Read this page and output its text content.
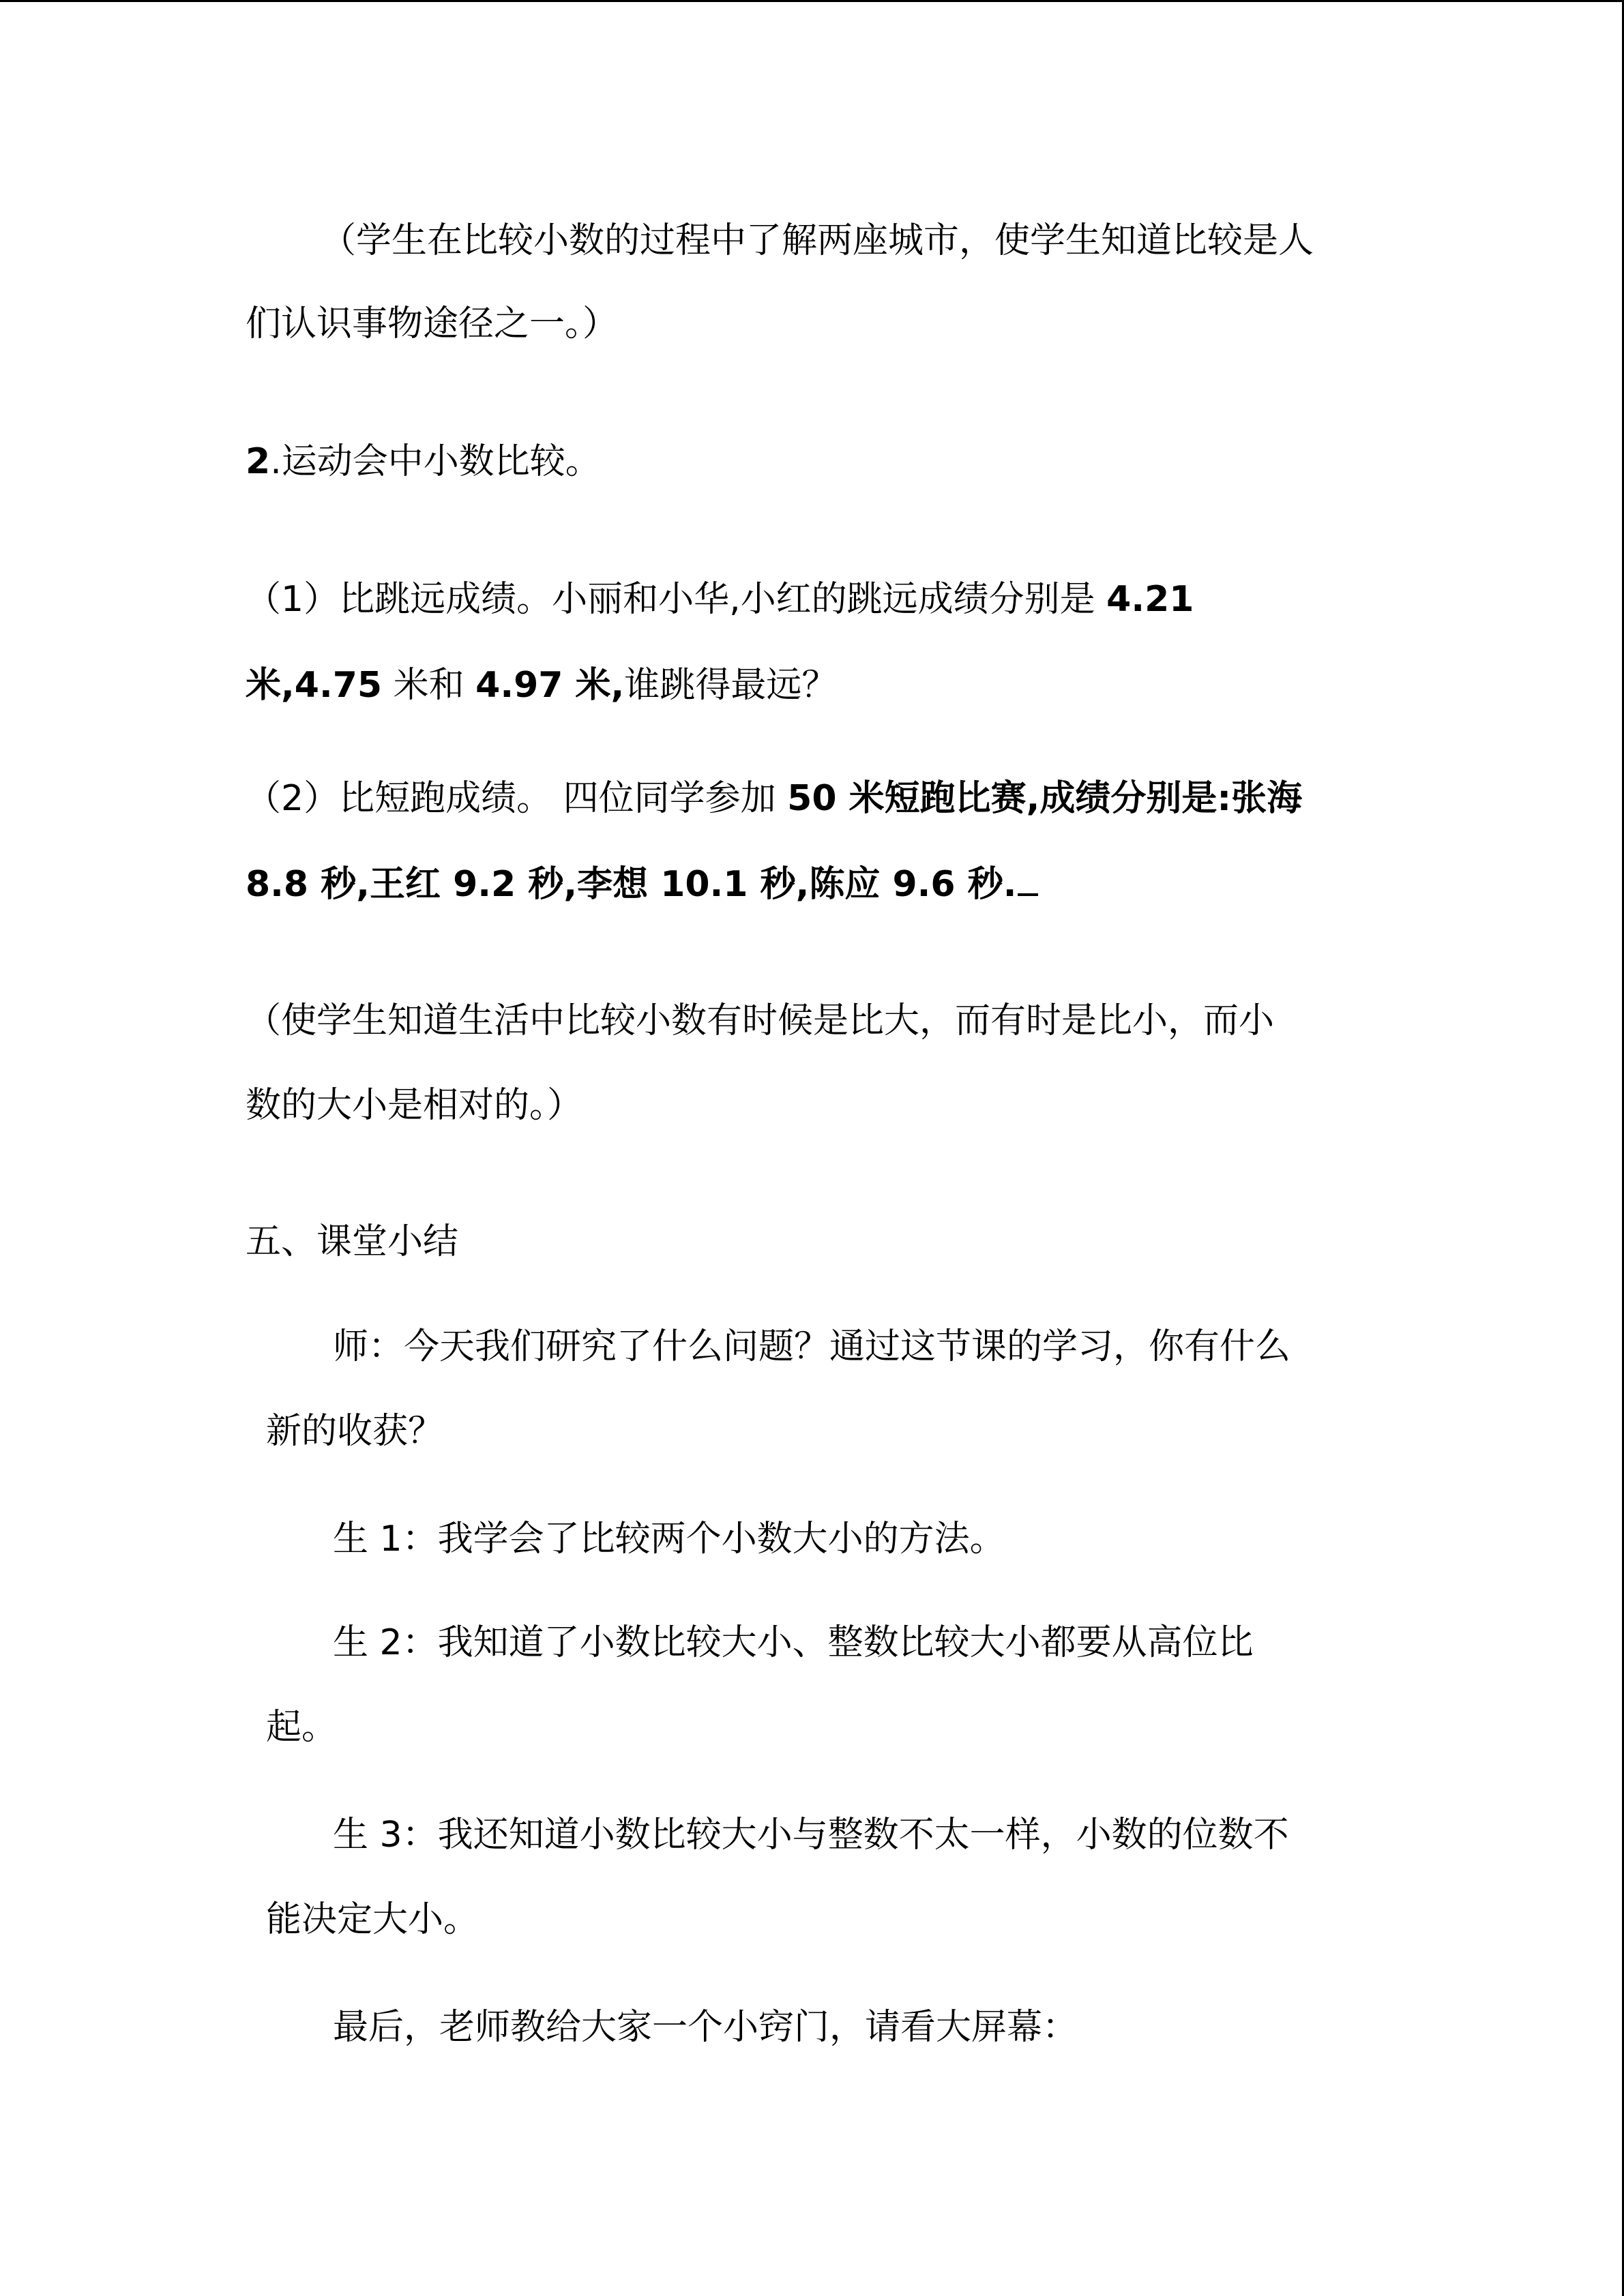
（学生在比较小数的过程中了解两座城市，使学生知道比较是人
们认识事物途径之一。）
2.运动会中小数比较。
（1）比跳远成绩。小丽和小华,小红的跳远成绩分别是 4.21
米,4.75 米和 4.97 米,谁跳得最远？
（2）比短跑成绩。 四位同学参加 50 米短跑比赛,成绩分别是:张海
8.8 秒,王红 9.2 秒,李想 10.1 秒,陈应 9.6 秒.
（使学生知道生活中比较小数有时候是比大，而有时是比小，而小
数的大小是相对的。）
五、课堂小结
师：今天我们研究了什么问题？通过这节课的学习，你有什么
新的收获？
生 1：我学会了比较两个小数大小的方法。
生 2：我知道了小数比较大小、整数比较大小都要从高位比
起。
生 3：我还知道小数比较大小与整数不太一样，小数的位数不
能决定大小。
最后，老师教给大家一个小窍门，请看大屏幕：
